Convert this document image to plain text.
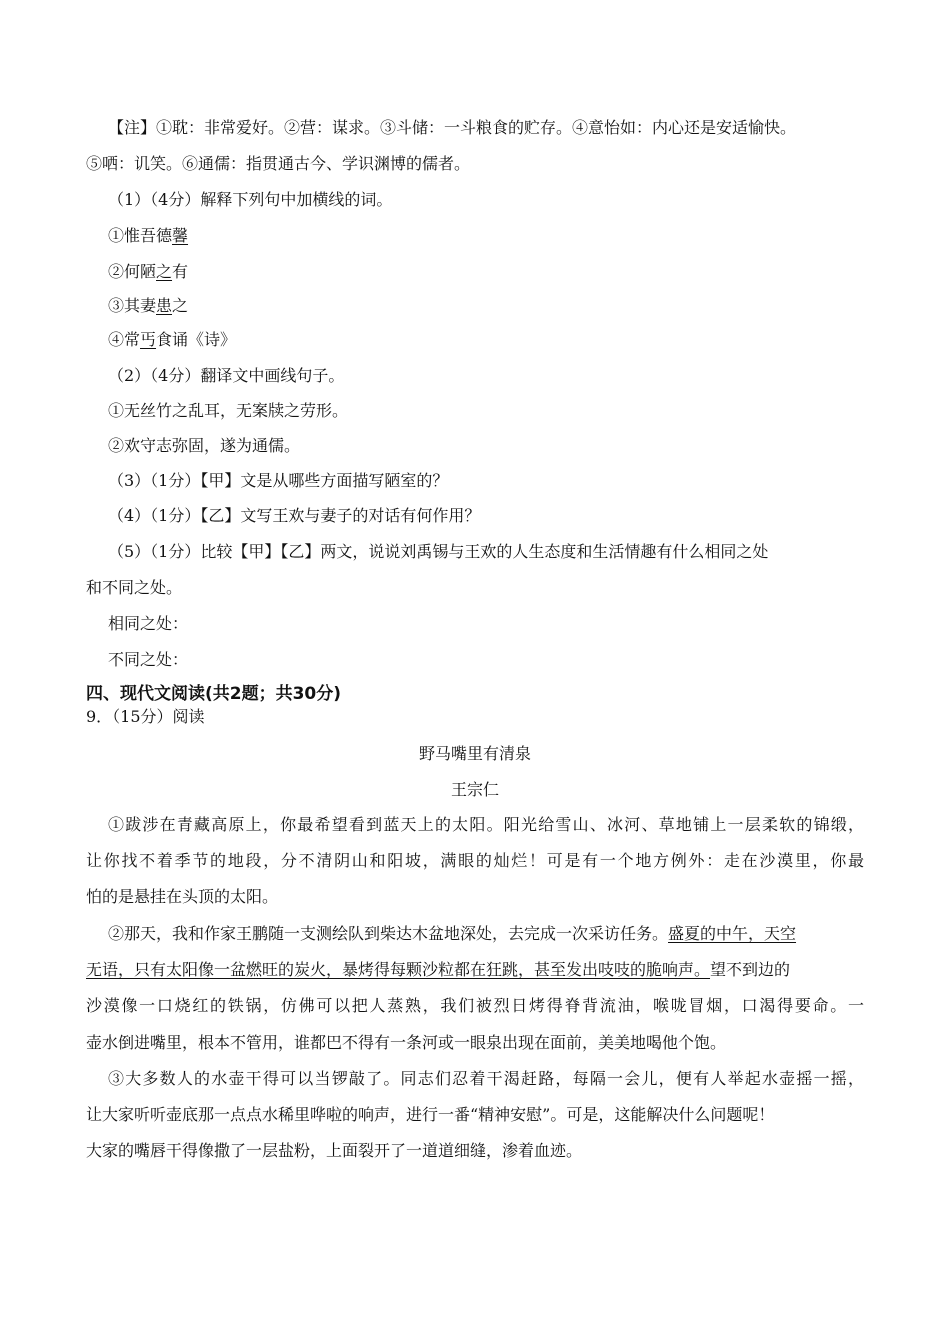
【注】①耽：非常爱好。②营：谋求。③斗储：一斗粮食的贮存。④意怡如：内心还是安适愉快。
⑤哂：讥笑。⑥通儒：指贯通古今、学识渊博的儒者。
（1）（4分）解释下列句中加横线的词。
①惟吾德馨
②何陋之有
③其妻患之
④常丐食诵《诗》
（2）（4分）翻译文中画线句子。
①无丝竹之乱耳，无案牍之劳形。
②欢守志弥固，遂为通儒。
（3）（1分）【甲】文是从哪些方面描写陋室的？
（4）（1分）【乙】文写王欢与妻子的对话有何作用？
（5）（1分）比较【甲】【乙】两文，说说刘禹锡与王欢的人生态度和生活情趣有什么相同之处
和不同之处。
相同之处：
不同之处：
四、现代文阅读(共2题；共30分)
9．（15分）阅读
野马嘴里有清泉
王宗仁
①跋涉在青藏高原上，你最希望看到蓝天上的太阳。阳光给雪山、冰河、草地铺上一层柔软的锦缎，
让你找不着季节的地段，分不清阴山和阳坡，满眼的灿烂！可是有一个地方例外：走在沙漠里，你最
怕的是悬挂在头顶的太阳。
②那天，我和作家王鹏随一支测绘队到柴达木盆地深处，去完成一次采访任务。盛夏的中午，天空
无语，只有太阳像一盆燃旺的炭火，暴烤得每颗沙粒都在狂跳，甚至发出吱吱的脆响声。望不到边的
沙漠像一口烧红的铁锅，仿佛可以把人蒸熟，我们被烈日烤得脊背流油，喉咙冒烟，口渴得要命。一
壶水倒进嘴里，根本不管用，谁都巴不得有一条河或一眼泉出现在面前，美美地喝他个饱。
③大多数人的水壶干得可以当锣敲了。同志们忍着干渴赶路，每隔一会儿，便有人举起水壶摇一摇，
让大家听听壶底那一点点水稀里哗啦的响声，进行一番“精神安慰”。可是，这能解决什么问题呢！
大家的嘴唇干得像撒了一层盐粉，上面裂开了一道道细缝，渗着血迹。
